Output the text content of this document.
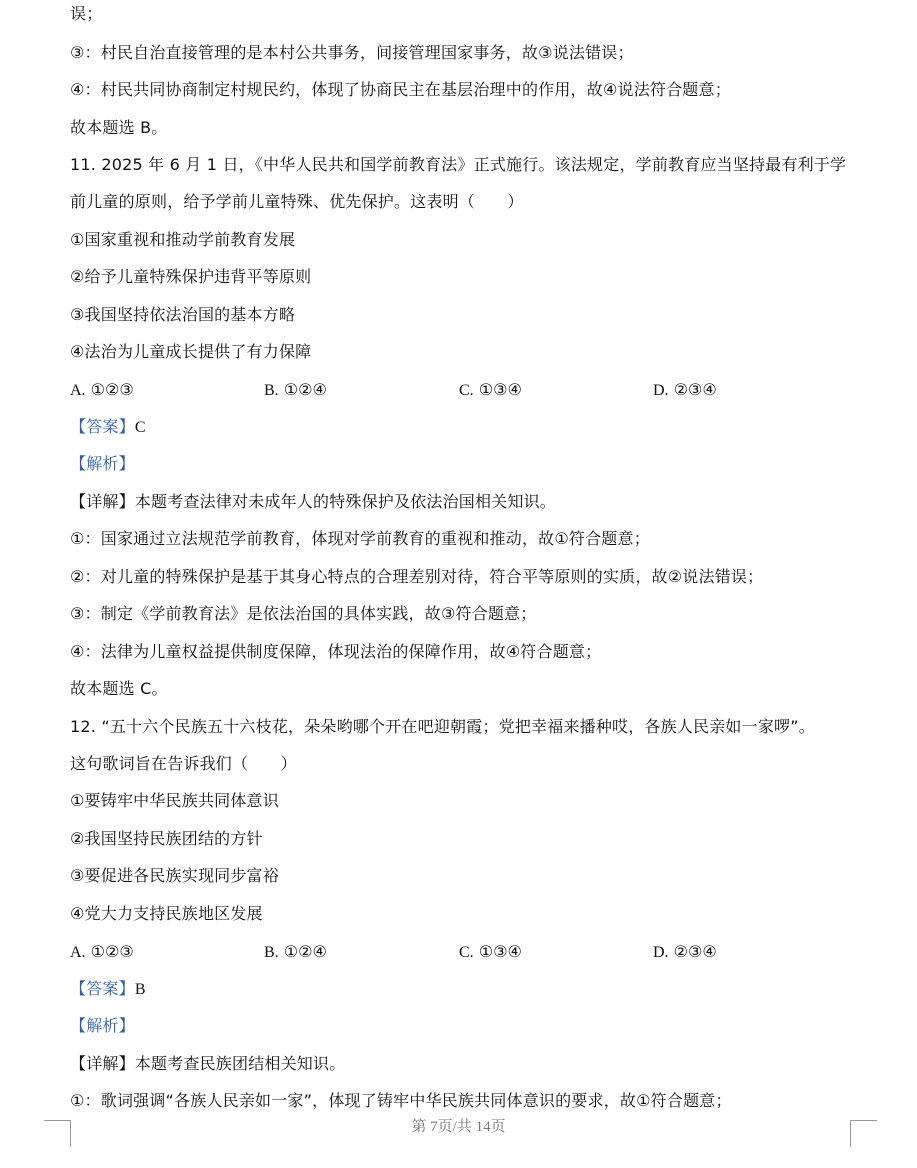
误；
③：村民自治直接管理的是本村公共事务，间接管理国家事务，故③说法错误；
④：村民共同协商制定村规民约，体现了协商民主在基层治理中的作用，故④说法符合题意；
故本题选 B。
11. 2025 年 6 月 1 日，《中华人民共和国学前教育法》正式施行。该法规定，学前教育应当坚持最有利于学
前儿童的原则，给予学前儿童特殊、优先保护。这表明（　　）
①国家重视和推动学前教育发展
②给予儿童特殊保护违背平等原则
③我国坚持依法治国的基本方略
④法治为儿童成长提供了有力保障
A. ①②③	B. ①②④	C. ①③④	D. ②③④
【答案】C
【解析】
【详解】本题考查法律对未成年人的特殊保护及依法治国相关知识。
①：国家通过立法规范学前教育，体现对学前教育的重视和推动，故①符合题意；
②：对儿童的特殊保护是基于其身心特点的合理差别对待，符合平等原则的实质，故②说法错误；
③：制定《学前教育法》是依法治国的具体实践，故③符合题意；
④：法律为儿童权益提供制度保障，体现法治的保障作用，故④符合题意；
故本题选 C。
12. “五十六个民族五十六枝花，朵朵哟哪个开在吧迎朝霞；党把幸福来播种哎，各族人民亲如一家啰”。
这句歌词旨在告诉我们（　　）
①要铸牢中华民族共同体意识
②我国坚持民族团结的方针
③要促进各民族实现同步富裕
④党大力支持民族地区发展
A. ①②③	B. ①②④	C. ①③④	D. ②③④
【答案】B
【解析】
【详解】本题考查民族团结相关知识。
①：歌词强调“各族人民亲如一家”，体现了铸牢中华民族共同体意识的要求，故①符合题意；
第 7页/共 14页
